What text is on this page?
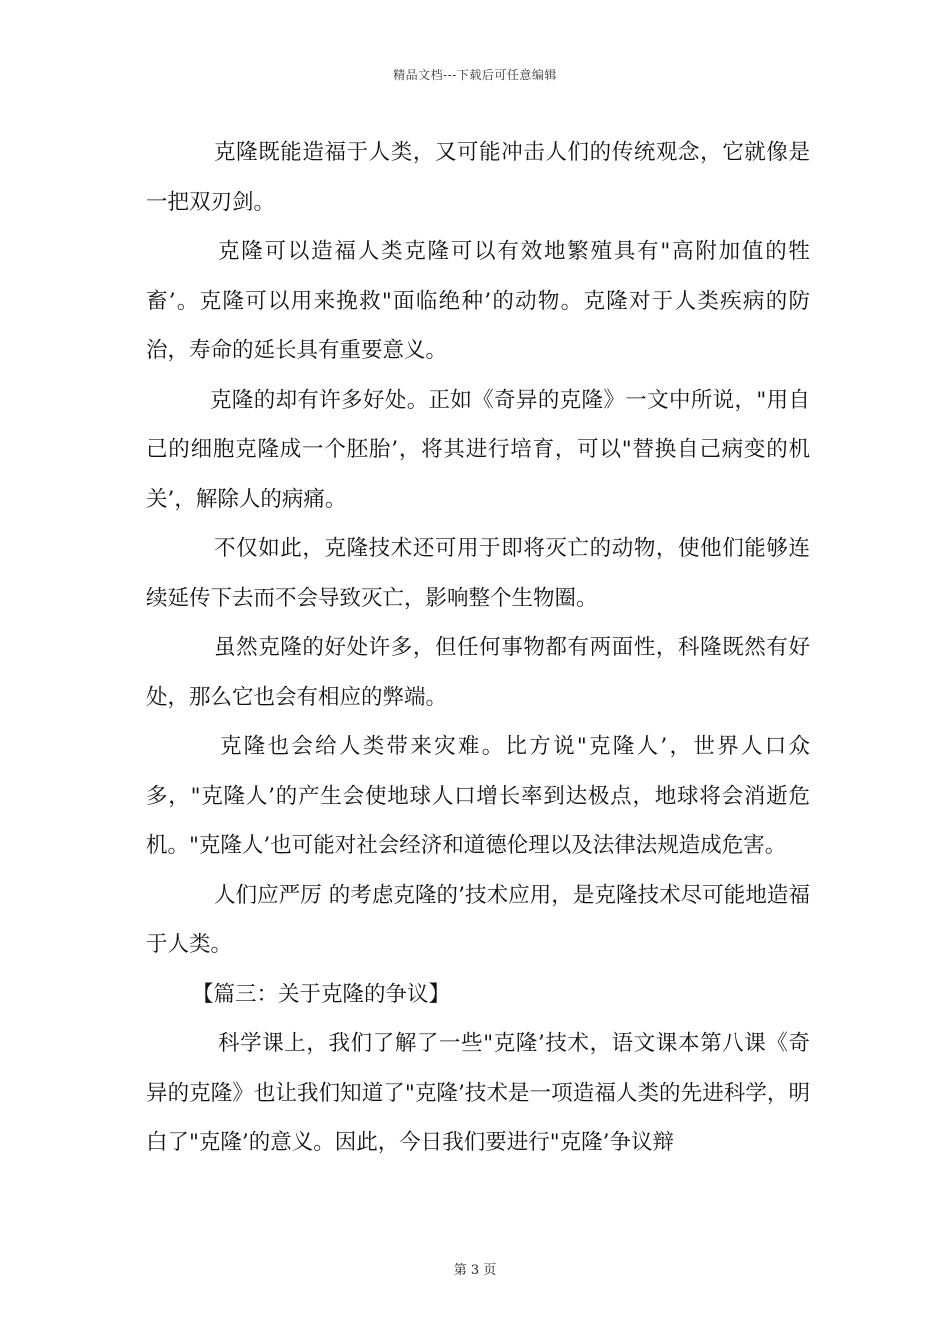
精品文档---下载后可任意编辑

克隆既能造福于人类，又可能冲击人们的传统观念，它就像是一把双刃剑。

克隆可以造福人类克隆可以有效地繁殖具有"高附加值的牲畜’。克隆可以用来挽救"面临绝种’的动物。克隆对于人类疾病的防治，寿命的延长具有重要意义。

克隆的却有许多好处。正如《奇异的克隆》一文中所说，"用自己的细胞克隆成一个胚胎’，将其进行培育，可以"替换自己病变的机关’，解除人的病痛。

不仅如此，克隆技术还可用于即将灭亡的动物，使他们能够连续延传下去而不会导致灭亡，影响整个生物圈。

虽然克隆的好处许多，但任何事物都有两面性，科隆既然有好处，那么它也会有相应的弊端。

克隆也会给人类带来灾难。比方说"克隆人’，世界人口众多，"克隆人’的产生会使地球人口增长率到达极点，地球将会消逝危机。"克隆人’也可能对社会经济和道德伦理以及法律法规造成危害。

人们应严厉 的考虑克隆的’技术应用，是克隆技术尽可能地造福于人类。

【篇三：关于克隆的争议】

科学课上，我们了解了一些"克隆’技术，语文课本第八课《奇异的克隆》也让我们知道了"克隆’技术是一项造福人类的先进科学，明白了"克隆’的意义。因此，今日我们要进行"克隆’争议辩

第 3 页
